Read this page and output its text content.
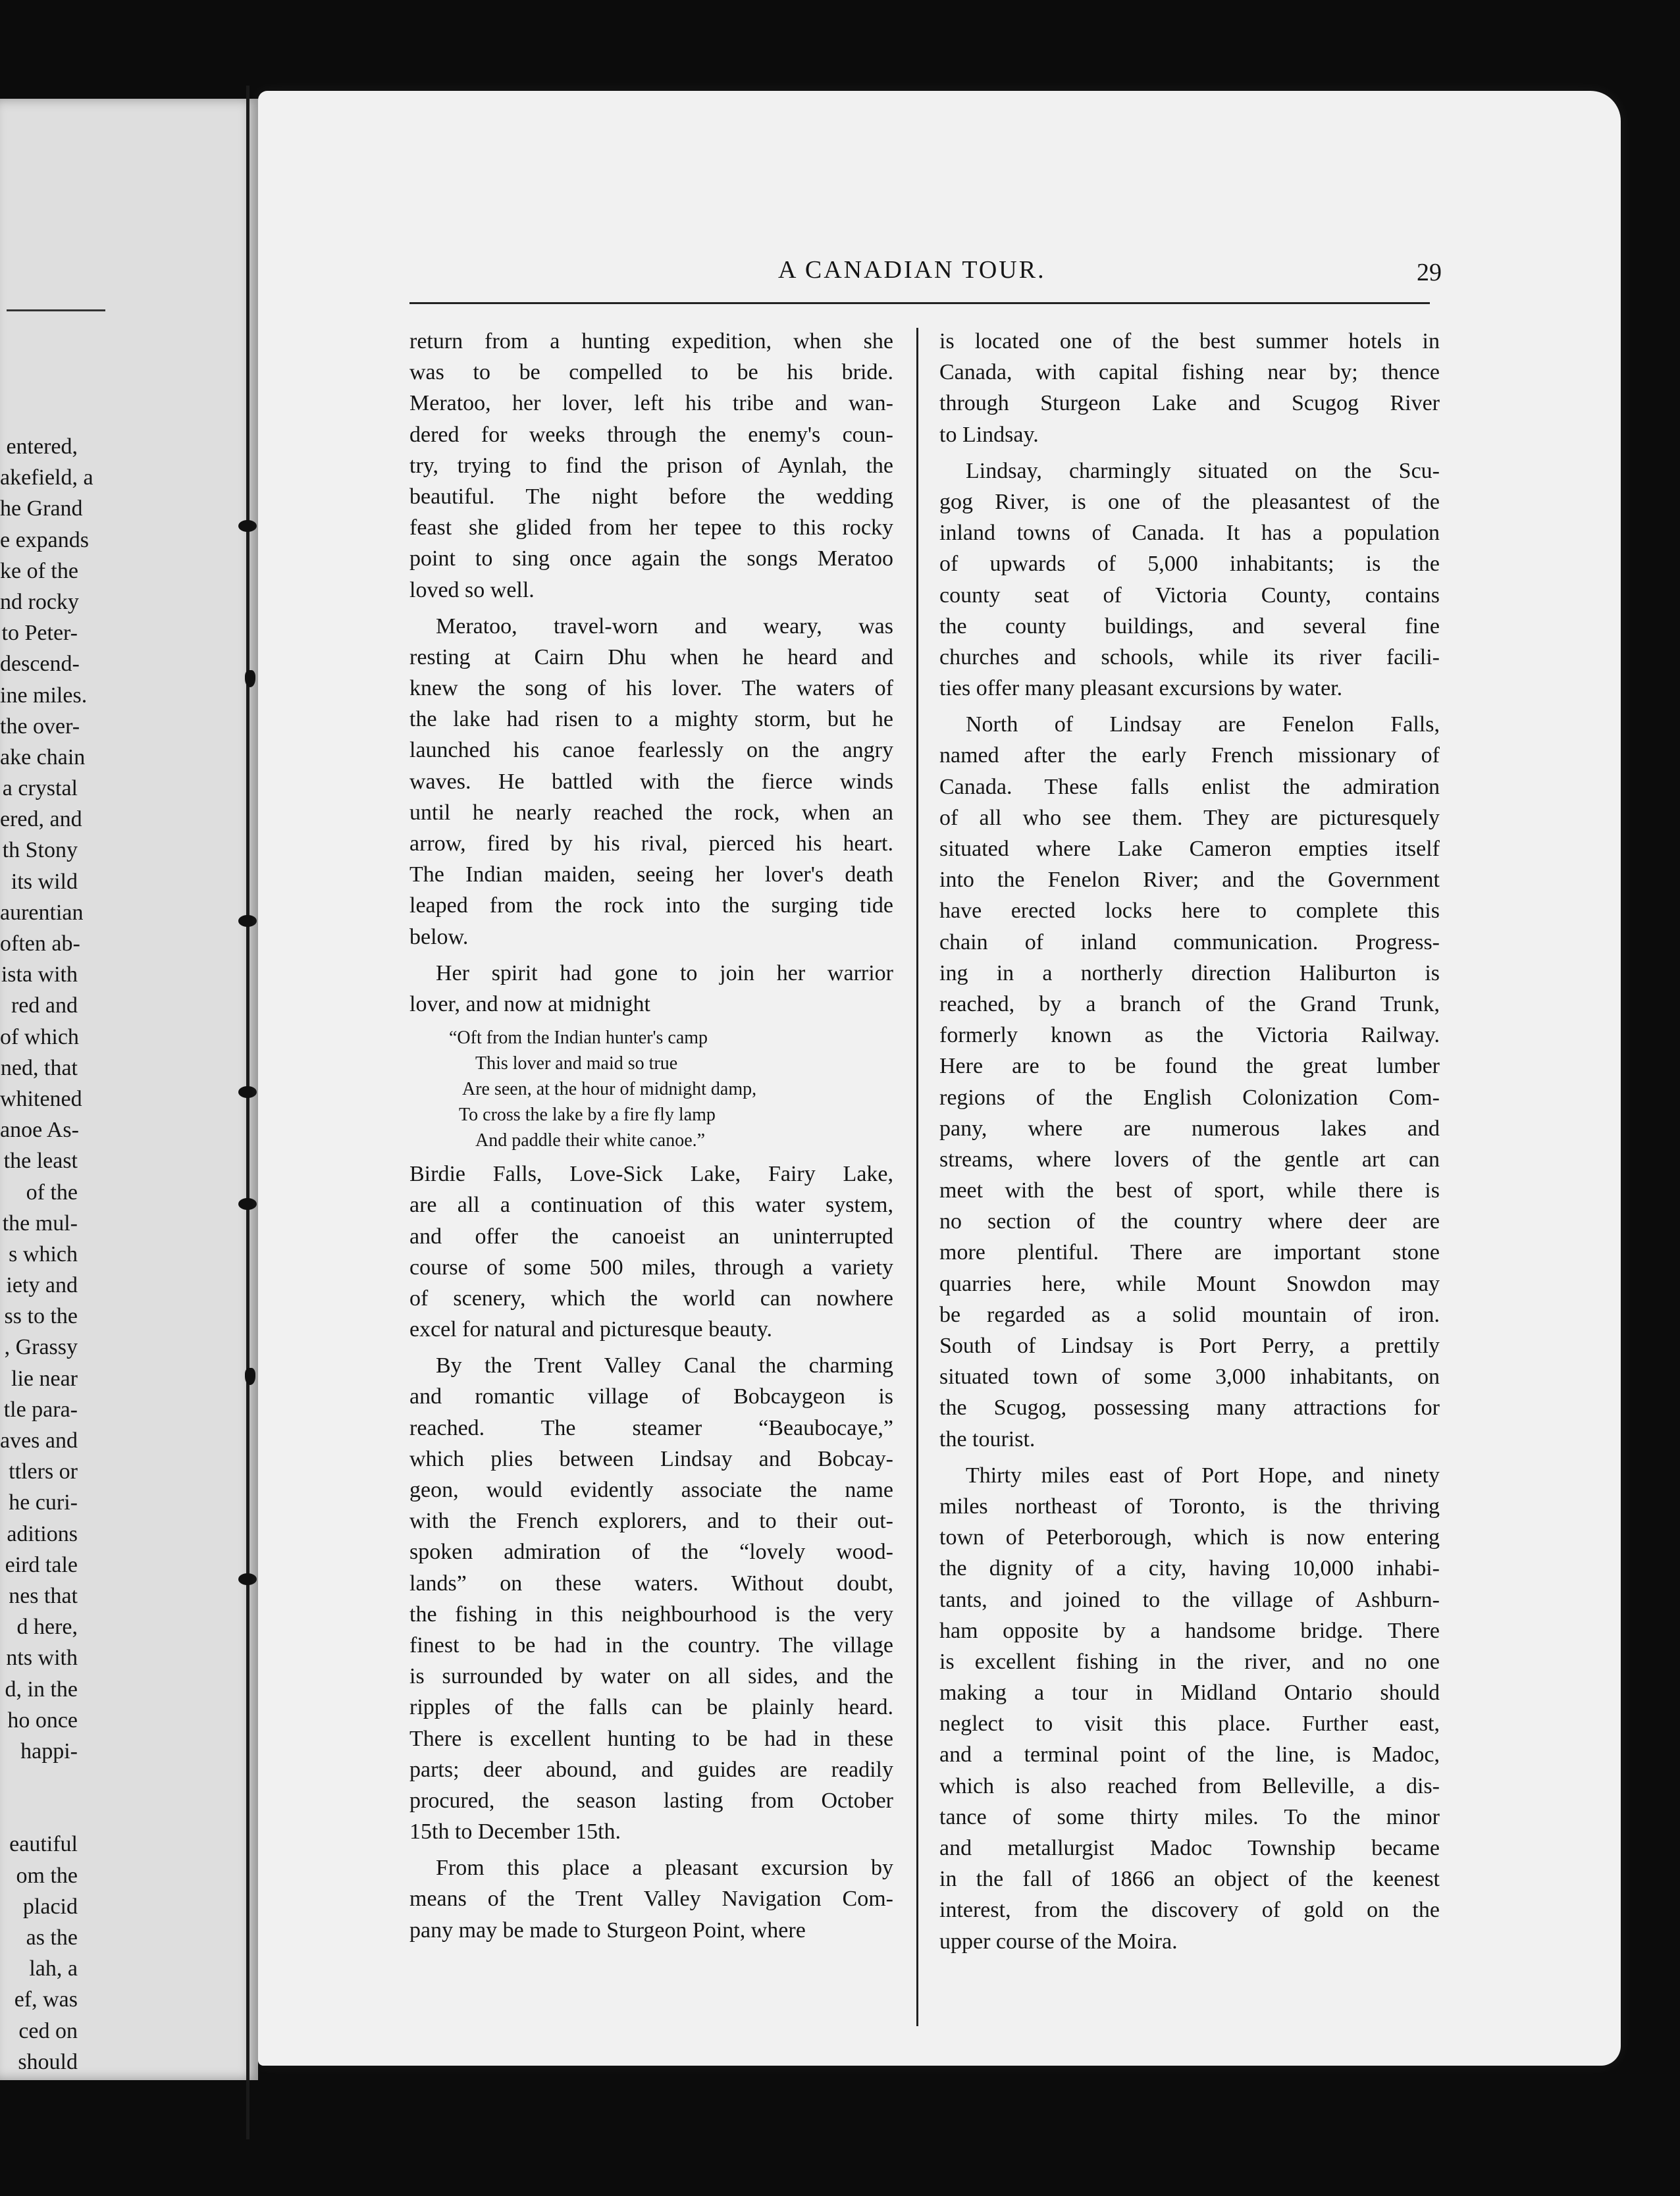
entered,
akefield, a
he Grand
e expands
ke of the
nd rocky
to Peter-
descend-
ine miles.
the over-
ake chain
a crystal
ered, and
th Stony
its wild
aurentian
often ab-
ista with
red and
of which
ned, that
whitened
anoe As-
the least
of the
the mul-
s which
iety and
ss to the
, Grassy
lie near
tle para-
aves and
ttlers or
he curi-
aditions
eird tale
nes that
d here,
nts with
d, in the
ho once
happi-
eautiful
om the
placid
as the
lah, a
ef, was
ced on
should
A CANADIAN TOUR.	29
return from a hunting expedition, when she
was to be compelled to be his bride.
Meratoo, her lover, left his tribe and wan-
dered for weeks through the enemy's coun-
try, trying to find the prison of Aynlah, the
beautiful. The night before the wedding
feast she glided from her tepee to this rocky
point to sing once again the songs Meratoo
loved so well.
Meratoo, travel-worn and weary, was
resting at Cairn Dhu when he heard and
knew the song of his lover. The waters of
the lake had risen to a mighty storm, but he
launched his canoe fearlessly on the angry
waves. He battled with the fierce winds
until he nearly reached the rock, when an
arrow, fired by his rival, pierced his heart.
The Indian maiden, seeing her lover's death
leaped from the rock into the surging tide
below.
Her spirit had gone to join her warrior
lover, and now at midnight
“Oft from the Indian hunter's camp
This lover and maid so true
Are seen, at the hour of midnight damp,
To cross the lake by a fire fly lamp
And paddle their white canoe.”
Birdie Falls, Love-Sick Lake, Fairy Lake,
are all a continuation of this water system,
and offer the canoeist an uninterrupted
course of some 500 miles, through a variety
of scenery, which the world can nowhere
excel for natural and picturesque beauty.
By the Trent Valley Canal the charming
and romantic village of Bobcaygeon is
reached. The steamer “Beaubocaye,”
which plies between Lindsay and Bobcay-
geon, would evidently associate the name
with the French explorers, and to their out-
spoken admiration of the “lovely wood-
lands” on these waters. Without doubt,
the fishing in this neighbourhood is the very
finest to be had in the country. The village
is surrounded by water on all sides, and the
ripples of the falls can be plainly heard.
There is excellent hunting to be had in these
parts; deer abound, and guides are readily
procured, the season lasting from October
15th to December 15th.
From this place a pleasant excursion by
means of the Trent Valley Navigation Com-
pany may be made to Sturgeon Point, where
is located one of the best summer hotels in
Canada, with capital fishing near by; thence
through Sturgeon Lake and Scugog River
to Lindsay.
Lindsay, charmingly situated on the Scu-
gog River, is one of the pleasantest of the
inland towns of Canada. It has a population
of upwards of 5,000 inhabitants; is the
county seat of Victoria County, contains
the county buildings, and several fine
churches and schools, while its river facili-
ties offer many pleasant excursions by water.
North of Lindsay are Fenelon Falls,
named after the early French missionary of
Canada. These falls enlist the admiration
of all who see them. They are picturesquely
situated where Lake Cameron empties itself
into the Fenelon River; and the Government
have erected locks here to complete this
chain of inland communication. Progress-
ing in a northerly direction Haliburton is
reached, by a branch of the Grand Trunk,
formerly known as the Victoria Railway.
Here are to be found the great lumber
regions of the English Colonization Com-
pany, where are numerous lakes and
streams, where lovers of the gentle art can
meet with the best of sport, while there is
no section of the country where deer are
more plentiful. There are important stone
quarries here, while Mount Snowdon may
be regarded as a solid mountain of iron.
South of Lindsay is Port Perry, a prettily
situated town of some 3,000 inhabitants, on
the Scugog, possessing many attractions for
the tourist.
Thirty miles east of Port Hope, and ninety
miles northeast of Toronto, is the thriving
town of Peterborough, which is now entering
the dignity of a city, having 10,000 inhabi-
tants, and joined to the village of Ashburn-
ham opposite by a handsome bridge. There
is excellent fishing in the river, and no one
making a tour in Midland Ontario should
neglect to visit this place. Further east,
and a terminal point of the line, is Madoc,
which is also reached from Belleville, a dis-
tance of some thirty miles. To the minor
and metallurgist Madoc Township became
in the fall of 1866 an object of the keenest
interest, from the discovery of gold on the
upper course of the Moira.
